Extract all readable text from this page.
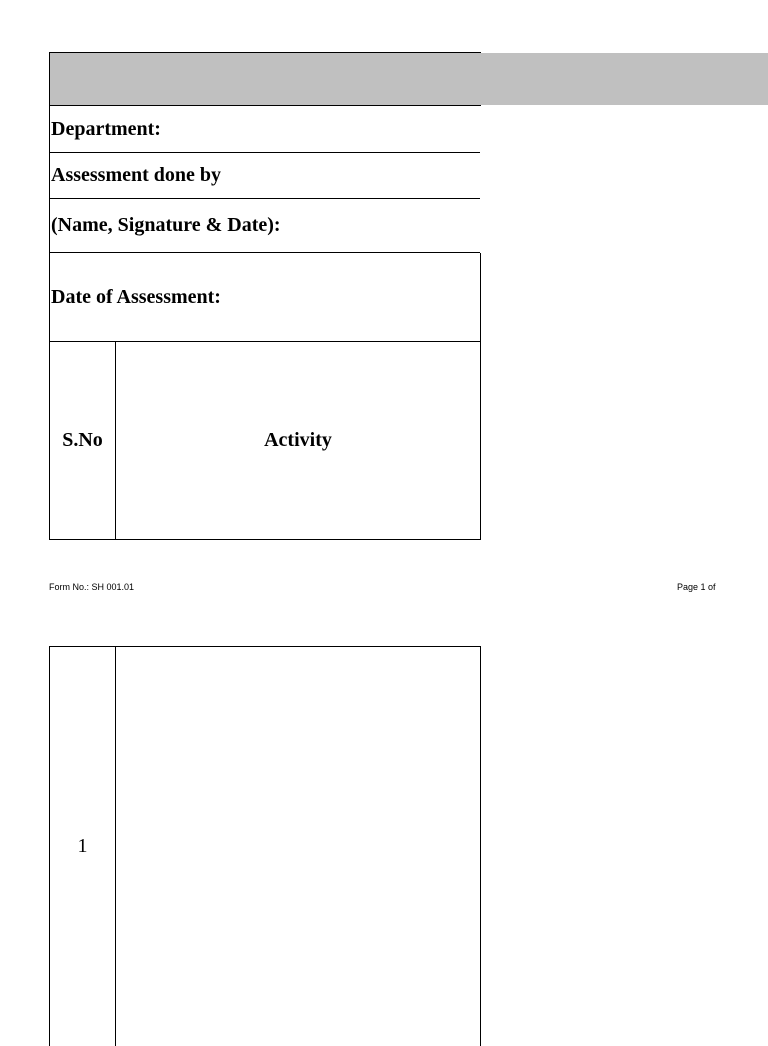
Department:
Assessment done by
(Name, Signature & Date):
Date of Assessment:
S.No	Activity
Form No.: SH 001.01	Page 1 of
1
